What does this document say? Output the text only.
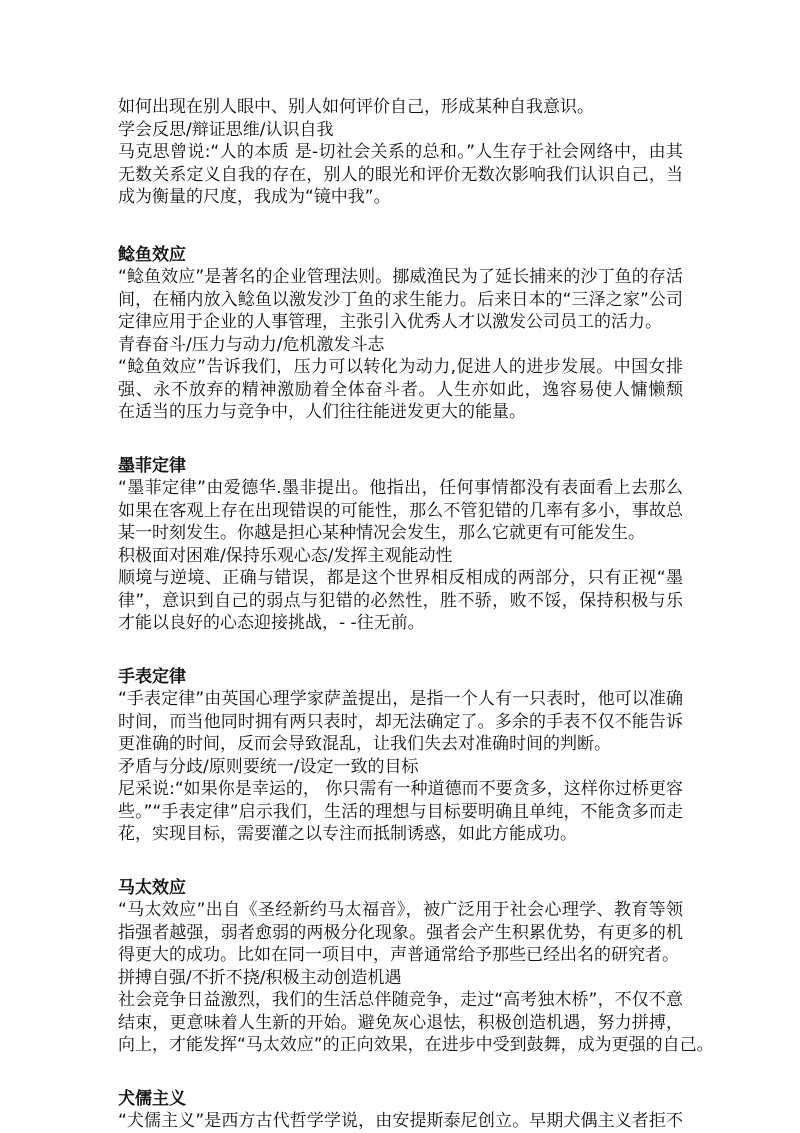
如何出现在别人眼中、别人如何评价自己，形成某种自我意识。
学会反思/辩证思维/认识自我
马克思曾说:“人的本质 是-切社会关系的总和。”人生存于社会网络中，由其
无数关系定义自我的存在，别人的眼光和评价无数次影响我们认识自己，当
成为衡量的尺度，我成为“镜中我”。
鲶鱼效应
“鲶鱼效应”是著名的企业管理法则。挪威渔民为了延长捕来的沙丁鱼的存活
间，在桶内放入鲶鱼以激发沙丁鱼的求生能力。后来日本的“三泽之家”公司
定律应用于企业的人事管理，主张引入优秀人才以激发公司员工的活力。
青春奋斗/压力与动力/危机激发斗志
“鲶鱼效应”告诉我们，压力可以转化为动力,促进人的进步发展。中国女排
强、永不放弃的精神激励着全体奋斗者。人生亦如此，逸容易使人慵懒颓
在适当的压力与竞争中，人们往往能迸发更大的能量。
墨菲定律
“墨菲定律”由爱德华.墨非提出。他指出，任何事情都没有表面看上去那么
如果在客观上存在出现错误的可能性，那么不管犯错的几率有多小，事故总
某一时刻发生。你越是担心某种情况会发生，那么它就更有可能发生。
积极面对困难/保持乐观心态/发挥主观能动性
顺境与逆境、正确与错误，都是这个世界相反相成的两部分，只有正视“墨
律”，意识到自己的弱点与犯错的必然性，胜不骄，败不馁，保持积极与乐
才能以良好的心态迎接挑战，- -往无前。
手表定律
“手表定律”由英国心理学家萨盖提出，是指一个人有一只表时，他可以准确
时间，而当他同时拥有两只表时，却无法确定了。多余的手表不仅不能告诉
更准确的时间，反而会导致混乱，让我们失去对准确时间的判断。
矛盾与分歧/原则要统一/设定一致的目标
尼采说:“如果你是幸运的， 你只需有一种道德而不要贪多，这样你过桥更容
些。”“手表定律”启示我们，生活的理想与目标要明确且单纯，不能贪多而走
花，实现目标，需要灌之以专注而抵制诱惑，如此方能成功。
马太效应
“马太效应”出自《圣经新约马太福音》，被广泛用于社会心理学、教育等领
指强者越强，弱者愈弱的两极分化现象。强者会产生积累优势，有更多的机
得更大的成功。比如在同一项目中，声普通常给予那些已经出名的研究者。
拼搏自强/不折不挠/积极主动创造机遇
社会竞争日益激烈，我们的生活总伴随竞争，走过“高考独木桥”，不仅不意
结束，更意味着人生新的开始。避免灰心退怯，积极创造机遇，努力拼搏，
向上，才能发挥“马太效应”的正向效果，在进步中受到鼓舞，成为更强的自己。
犬儒主义
“犬儒主义”是西方古代哲学学说，由安提斯泰尼创立。早期犬偶主义者拒不
